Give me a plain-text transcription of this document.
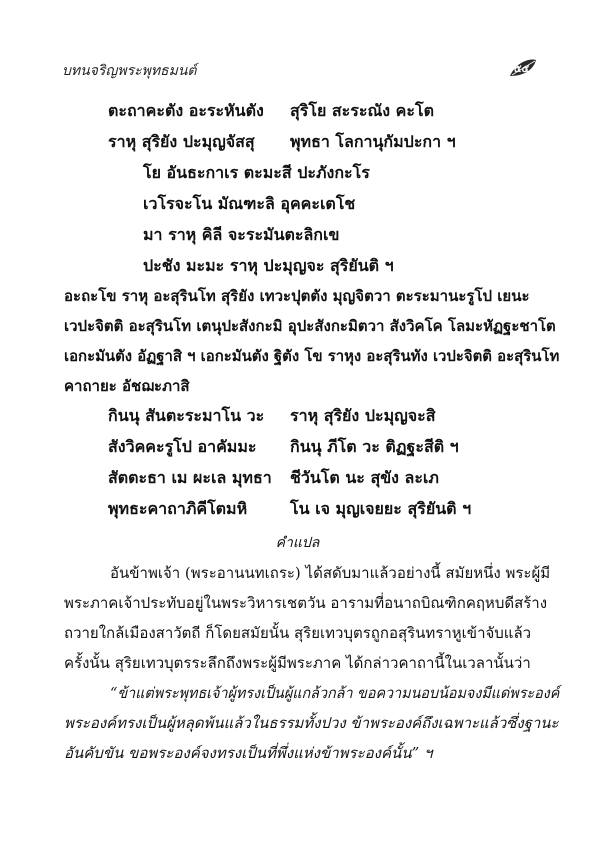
บทนจริญพระพุทธมนต์	๕๕
ตะถาคะตัง อะระหันตัง สุริโย สะระณัง คะโต
ราหุ สุริยัง ปะมุญจัสสุ พุทธา โลกานุกัมปะกา ฯ
โย อันธะกาเร ตะมะสี ปะภังกะโร
เวโรจะโน มัณฑะลิ อุคคะเตโช
มา ราหุ คิลี จะระมันตะลิกเข
ปะชัง มะมะ ราหุ ปะมุญจะ สุริยันติ ฯ
อะถะโข ราหุ อะสุรินโท สุริยัง เทวะปุตตัง มุญจิตวา ตะระมานะรูโป เยนะ
เวปะจิตติ อะสุรินโท เตนุปะสังกะมิ อุปะสังกะมิตวา สังวิคโค โลมะหัฏฐะชาโต
เอกะมันตัง อัฏฐาสิ ฯ เอกะมันตัง ฐิตัง โข ราหุง อะสุรินทัง เวปะจิตติ อะสุรินโท
คาถายะ อัชฌะภาสิ
กินนุ สันตะระมาโน วะ ราหุ สุริยัง ปะมุญจะสิ
สังวิคคะรูโป อาคัมมะ กินนุ ภีโต วะ ติฏฐะสีติ ฯ
สัตตะธา เม ผะเล มุทธา ชีวันโต นะ สุขัง ละเภ
พุทธะคาถาภิคีโตมหิ	โน เจ มุญเจยยะ สุริยันติ ฯ
คำแปล
อันข้าพเจ้า (พระอานนทเถระ) ได้สดับมาแล้วอย่างนี้ สมัยหนึ่ง พระผู้มี
พระภาคเจ้าประทับอยู่ในพระวิหารเชตวัน อารามที่อนาถบิณฑิกคฤหบดีสร้าง
ถวายใกล้เมืองสาวัตถี ก็โดยสมัยนั้น สุริยเทวบุตรถูกอสุรินทราหูเข้าจับแล้ว
ครั้งนั้น สุริยเทวบุตรระลึกถึงพระผู้มีพระภาค ได้กล่าวคาถานี้ในเวลานั้นว่า
“ข้าแต่พระพุทธเจ้าผู้ทรงเป็นผู้แกล้วกล้า ขอความนอบน้อมจงมีแด่พระองค์
พระองค์ทรงเป็นผู้หลุดพ้นแล้วในธรรมทั้งปวง ข้าพระองค์ถึงเฉพาะแล้วซึ่งฐานะ
อันคับขัน ขอพระองค์จงทรงเป็นที่พึ่งแห่งข้าพระองค์นั้น” ฯ
